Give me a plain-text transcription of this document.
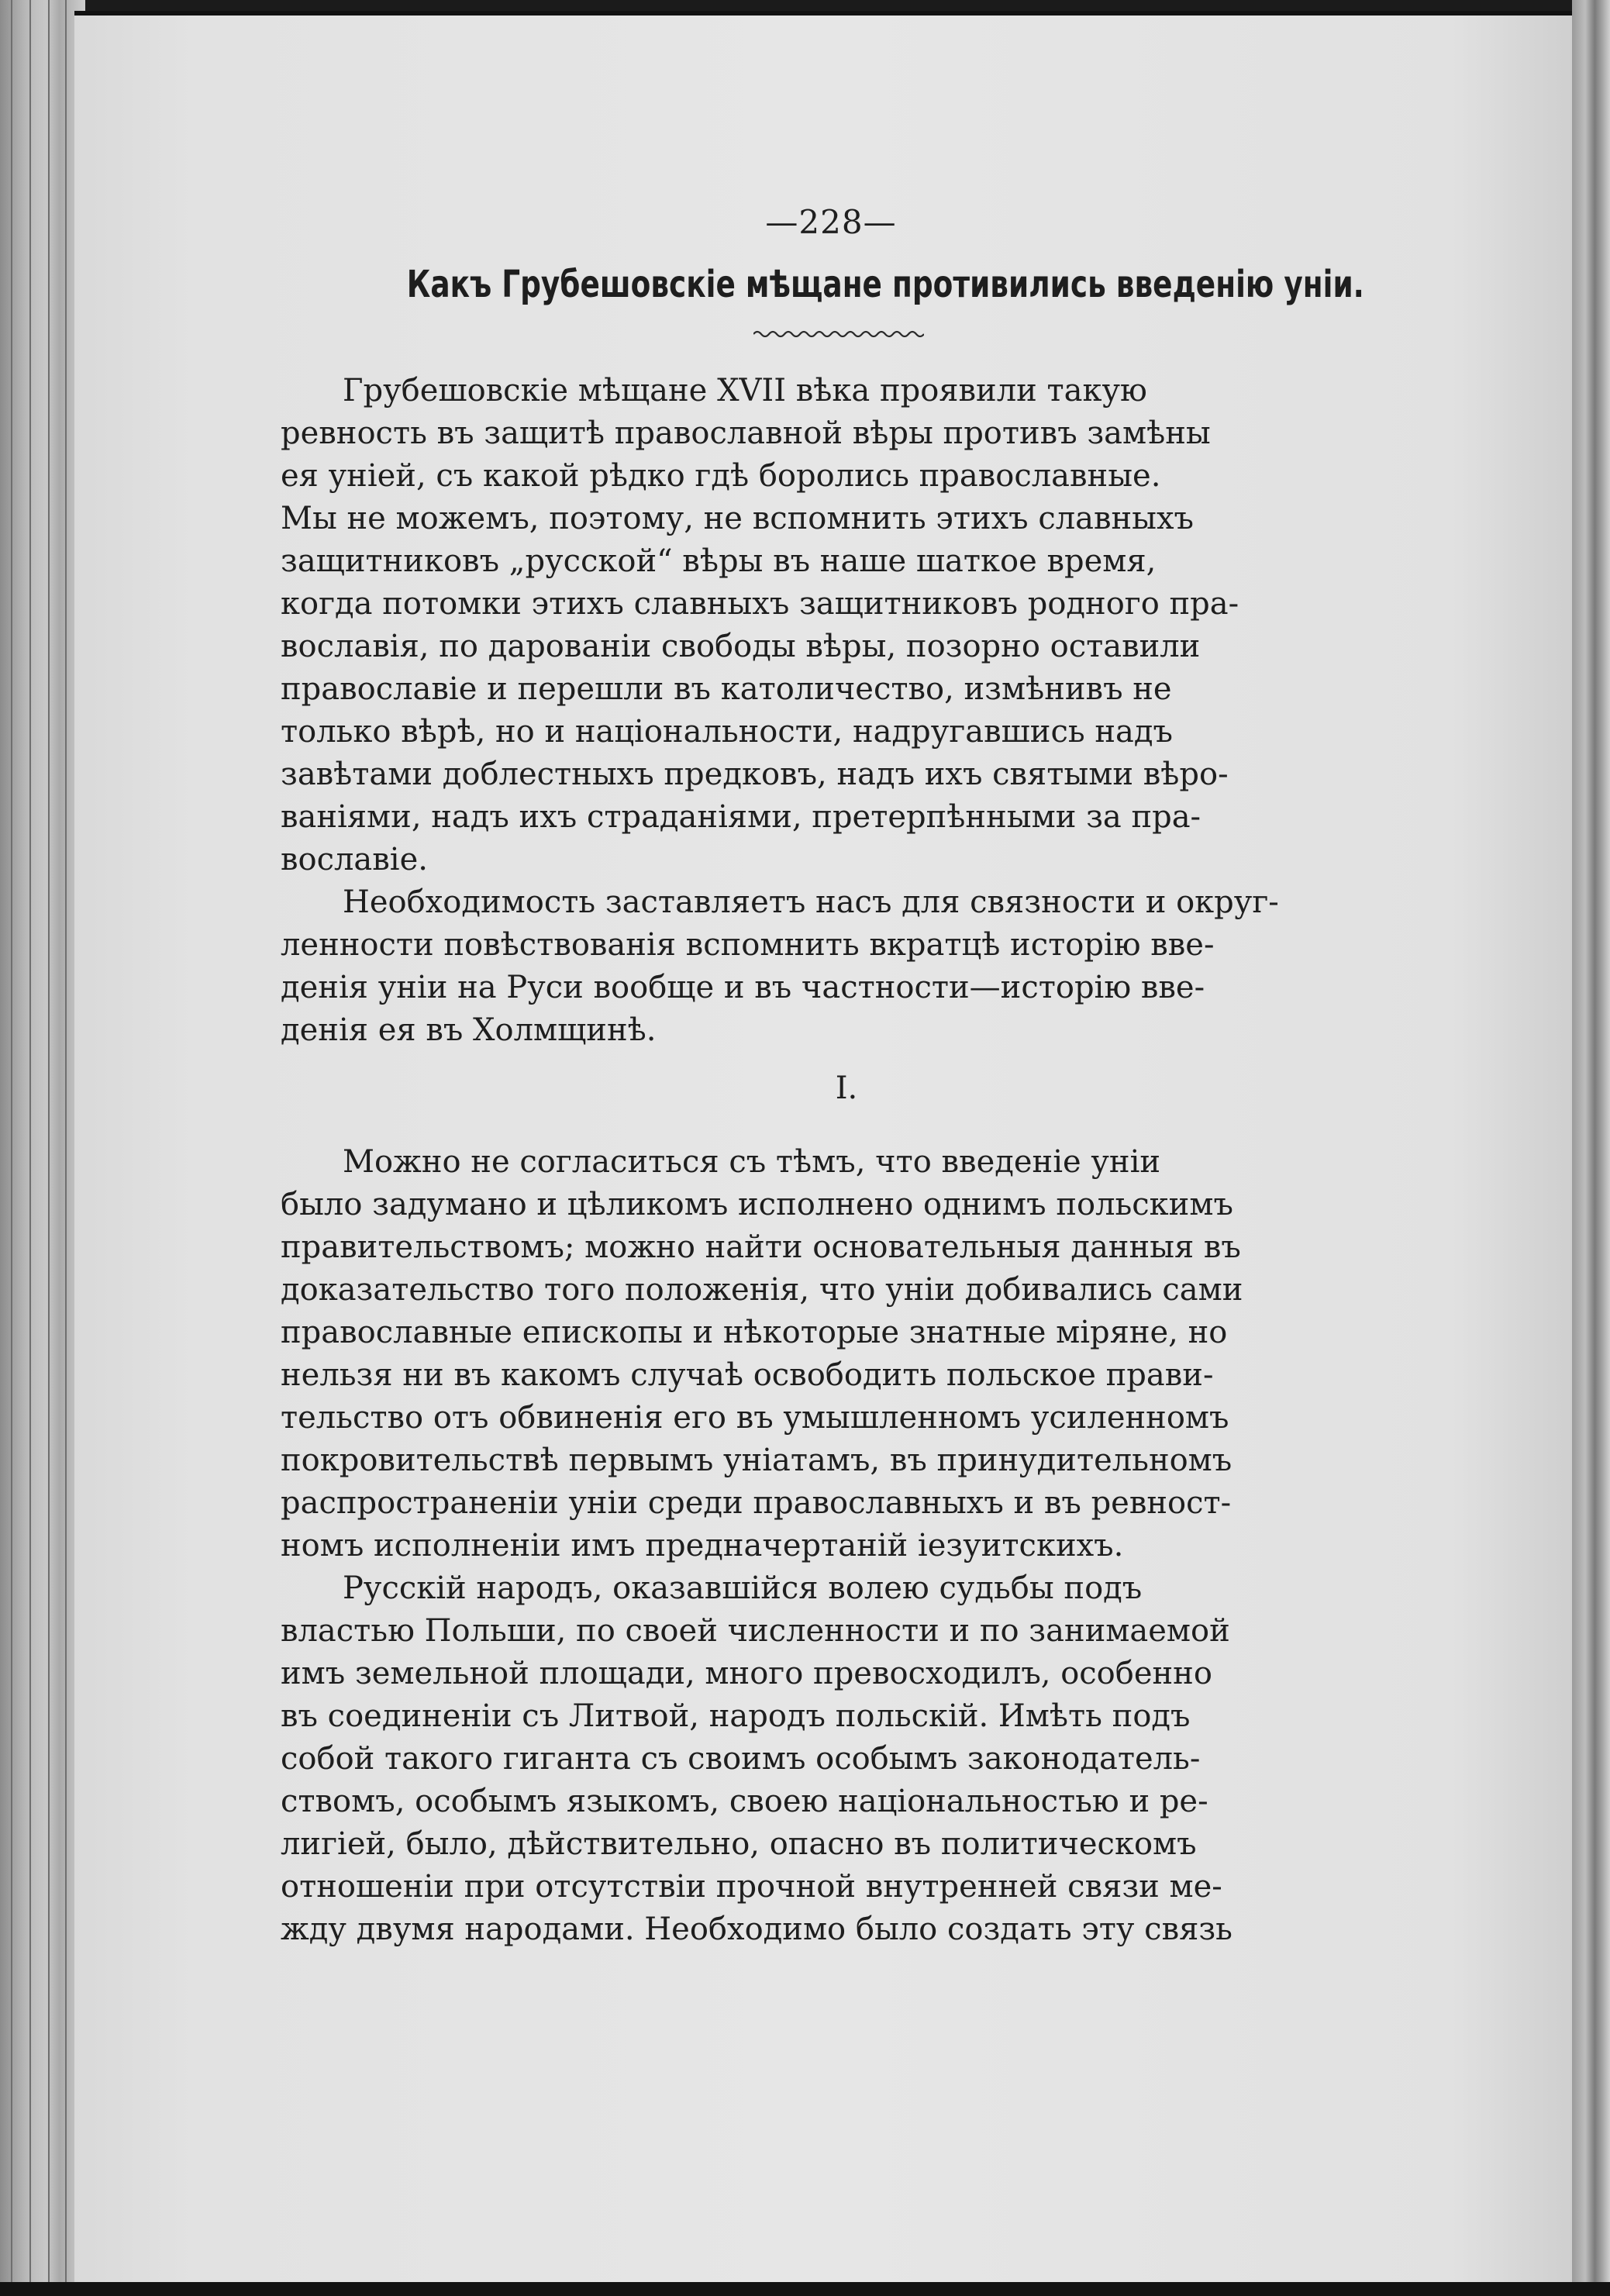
—228—
Какъ Грубешовскіе мѣщане противились введенію уніи.

  Грубешовскіе мѣщане XVII вѣка проявили такую
ревность въ защитѣ православной вѣры противъ замѣны
ея уніей, съ какой рѣдко гдѣ боролись православные.
Мы не можемъ, поэтому, не вспомнить этихъ славныхъ
защитниковъ „русской“ вѣры въ наше шаткое время,
когда потомки этихъ славныхъ защитниковъ родного пра-
вославія, по дарованіи свободы вѣры, позорно оставили
православіе и перешли въ католичество, измѣнивъ не
только вѣрѣ, но и національности, надругавшись надъ
завѣтами доблестныхъ предковъ, надъ ихъ святыми вѣро-
ваніями, надъ ихъ страданіями, претерпѣнными за пра-
вославіе.

  Необходимость заставляетъ насъ для связности и округ-
ленности повѣствованія вспомнить вкратцѣ исторію вве-
денія уніи на Руси вообще и въ частности—исторію вве-
денія ея въ Холмщинѣ.

I.

  Можно не согласиться съ тѣмъ, что введеніе уніи
было задумано и цѣликомъ исполнено однимъ польскимъ
правительствомъ; можно найти основательныя данныя въ
доказательство того положенія, что уніи добивались сами
православные епископы и нѣкоторые знатные міряне, но
нельзя ни въ какомъ случаѣ освободить польское прави-
тельство отъ обвиненія его въ умышленномъ усиленномъ
покровительствѣ первымъ уніатамъ, въ принудительномъ
распространеніи уніи среди православныхъ и въ ревност-
номъ исполненіи имъ предначертаній іезуитскихъ.

  Русскій народъ, оказавшійся волею судьбы подъ
властью Польши, по своей численности и по занимаемой
имъ земельной площади, много превосходилъ, особенно
въ соединеніи съ Литвой, народъ польскій. Имѣть подъ
собой такого гиганта съ своимъ особымъ законодатель-
ствомъ, особымъ языкомъ, своею національностью и ре-
лигіей, было, дѣйствительно, опасно въ политическомъ
отношеніи при отсутствіи прочной внутренней связи ме-
жду двумя народами. Необходимо было создать эту связь
